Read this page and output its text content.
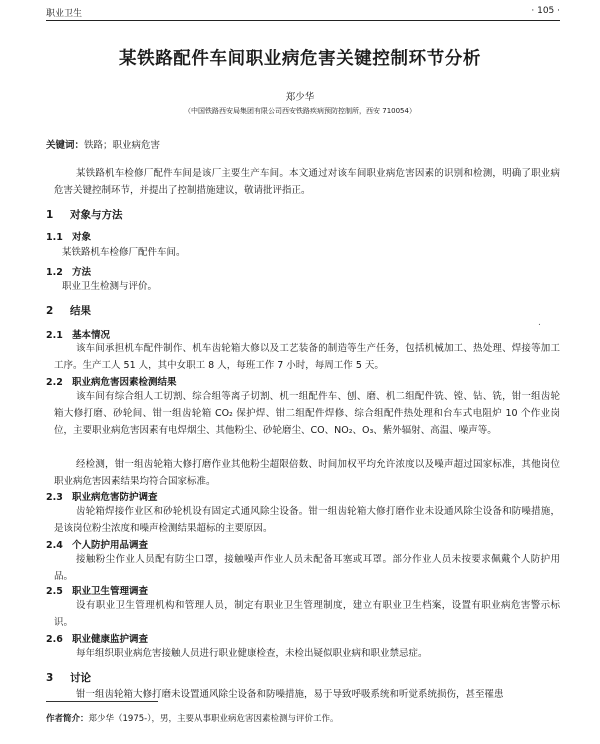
职业卫生	· 105 ·
某铁路配件车间职业病危害关键控制环节分析
郑少华
（中国铁路西安局集团有限公司西安铁路疾病预防控制所，西安 710054）
关键词：铁路；职业病危害
某铁路机车检修厂配件车间是该厂主要生产车间。本文通过对该车间职业病危害因素的识别和检测，明确了职业病危害关键控制环节，并提出了控制措施建议，敬请批评指正。
1 对象与方法
1.1 对象
某铁路机车检修厂配件车间。
1.2 方法
职业卫生检测与评价。
2 结果
.
2.1 基本情况
该车间承担机车配件制作、机车齿轮箱大修以及工艺装备的制造等生产任务，包括机械加工、热处理、焊接等加工工序。生产工人 51 人，其中女职工 8 人，每班工作 7 小时，每周工作 5 天。
2.2 职业病危害因素检测结果
该车间有综合组人工切割、综合组等离子切割、机一组配件车、刨、磨、机二组配件铣、镗、钻、铣，钳一组齿轮箱大修打磨、砂轮间、钳一组齿轮箱 CO₂ 保护焊、钳二组配件焊修、综合组配件热处理和台车式电阻炉 10 个作业岗位，主要职业病危害因素有电焊烟尘、其他粉尘、砂轮磨尘、CO、NO₂、O₃、紫外辐射、高温、噪声等。
经检测，钳一组齿轮箱大修打磨作业其他粉尘超限倍数、时间加权平均允许浓度以及噪声超过国家标准，其他岗位职业病危害因素结果均符合国家标准。
2.3 职业病危害防护调查
齿轮箱焊接作业区和砂轮机设有固定式通风除尘设备。钳一组齿轮箱大修打磨作业未设通风除尘设备和防噪措施，是该岗位粉尘浓度和噪声检测结果超标的主要原因。
2.4 个人防护用品调查
接触粉尘作业人员配有防尘口罩，接触噪声作业人员未配备耳塞或耳罩。部分作业人员未按要求佩戴个人防护用品。
2.5 职业卫生管理调查
设有职业卫生管理机构和管理人员，制定有职业卫生管理制度，建立有职业卫生档案，设置有职业病危害警示标识。
2.6 职业健康监护调查
每年组织职业病危害接触人员进行职业健康检查，未检出疑似职业病和职业禁忌症。
3 讨论
钳一组齿轮箱大修打磨未设置通风除尘设备和防噪措施，易于导致呼吸系统和听觉系统损伤，甚至罹患
作者简介：郑少华（1975-），男，主要从事职业病危害因素检测与评价工作。
